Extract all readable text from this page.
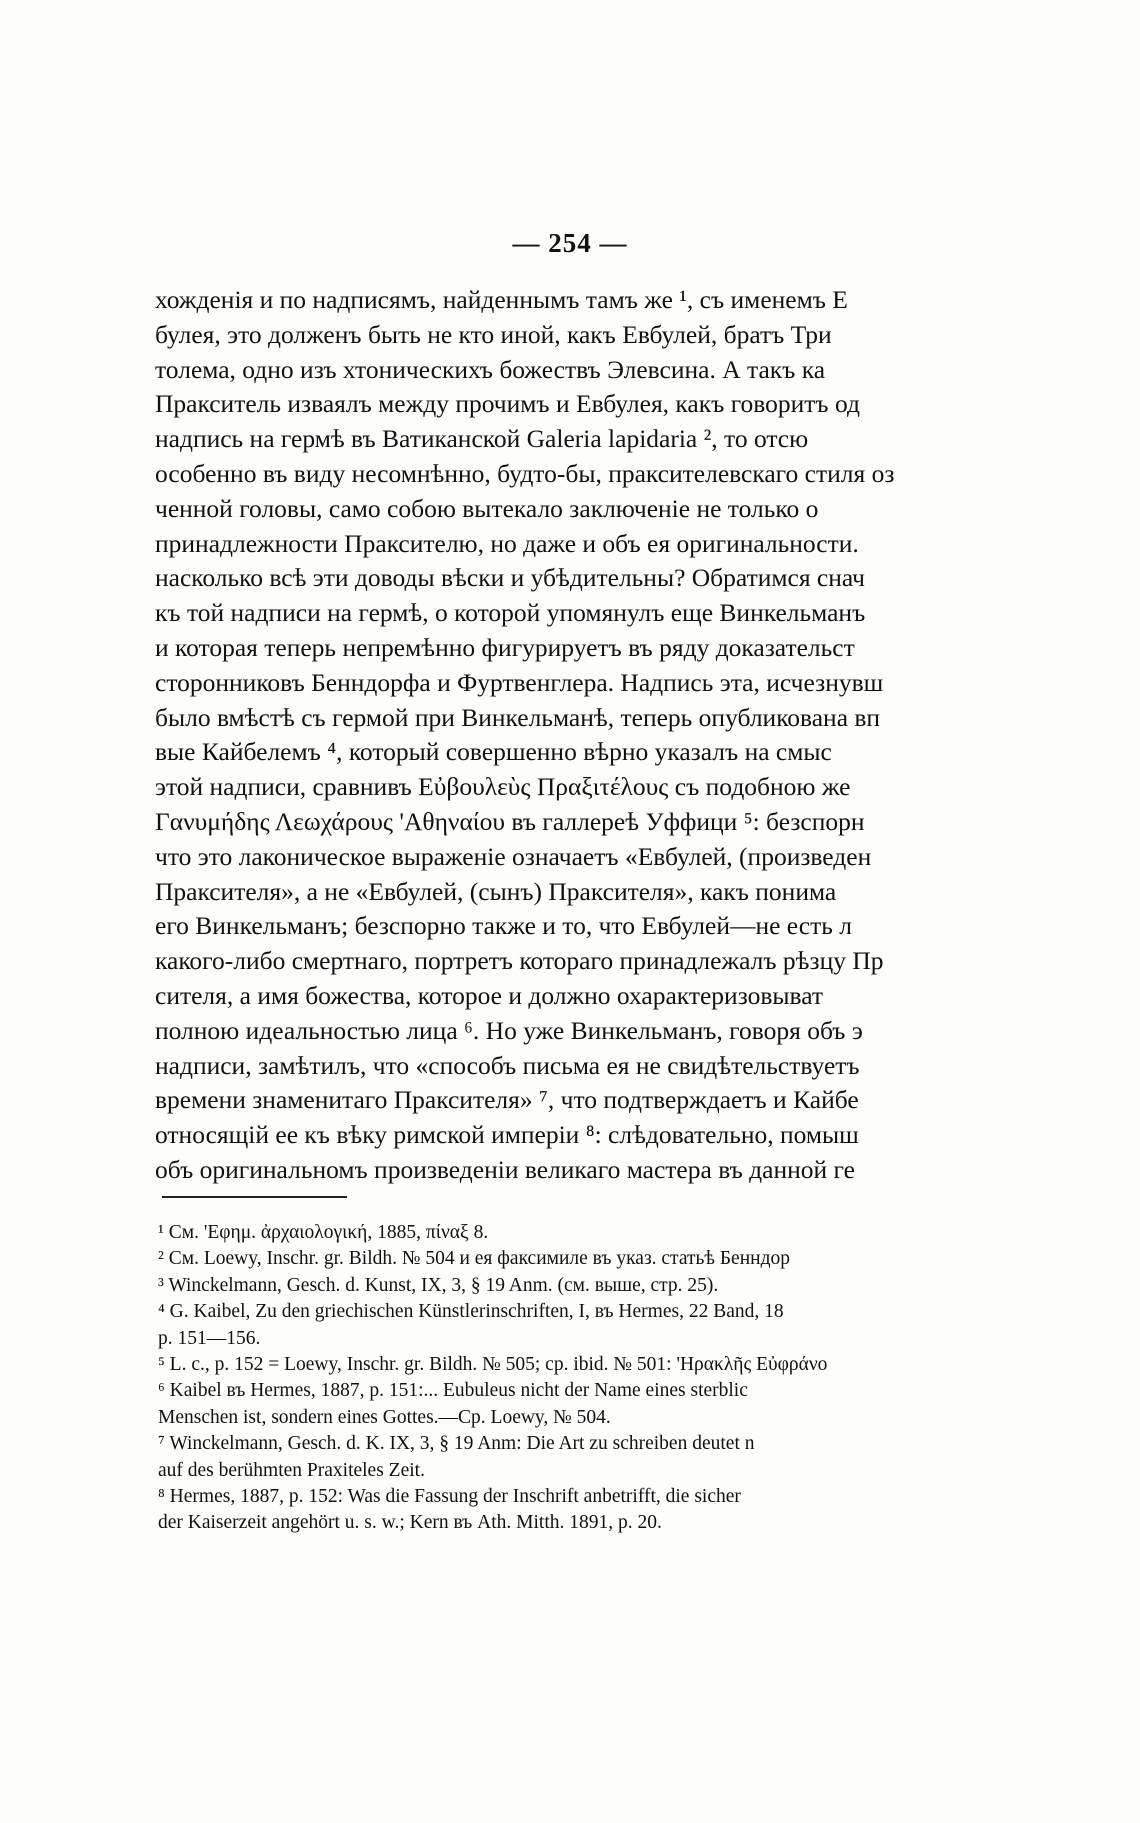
— 254 —
хожденія и по надписямъ, найденнымъ тамъ же ¹, съ именемъ Е
булея, это долженъ быть не кто иной, какъ Евбулей, братъ Три
толема, одно изъ хтоническихъ божествъ Элевсина. А такъ ка
Пракситель изваялъ между прочимъ и Евбулея, какъ говоритъ од
надпись на гермѣ въ Ватиканской Galeria lapidaria ², то отсю
особенно въ виду несомнѣнно, будто-бы, праксителевскаго стиля оз
ченной головы, само собою вытекало заключеніе не только о
принадлежности Праксителю, но даже и объ ея оригинальности.
насколько всѣ эти доводы вѣски и убѣдительны? Обратимся снач
къ той надписи на гермѣ, о которой упомянулъ еще Винкельманъ
и которая теперь непремѣнно фигурируетъ въ ряду доказательст
сторонниковъ Бенндорфа и Фуртвенглера. Надпись эта, исчезнувш
было вмѣстѣ съ гермой при Винкельманѣ, теперь опубликована вп
вые Кайбелемъ ⁴, который совершенно вѣрно указалъ на смыс
этой надписи, сравнивъ Εὐβουλεὺς Πραξιτέλους съ подобною же
Γανυμήδης Λεωχάρους 'Αθηναίου въ галлереѣ Уффици ⁵: безспорн
что это лаконическое выраженіе означаетъ «Евбулей, (произведен
Праксителя», а не «Евбулей, (сынъ) Праксителя», какъ понима
его Винкельманъ; безспорно также и то, что Евбулей—не есть л
какого-либо смертнаго, портретъ котораго принадлежалъ рѣзцу Пр
сителя, а имя божества, которое и должно охарактеризовыват
полною идеальностью лица ⁶. Но уже Винкельманъ, говоря объ э
надписи, замѣтилъ, что «способъ письма ея не свидѣтельствуетъ
времени знаменитаго Праксителя» ⁷, что подтверждаетъ и Кайбе
относящій ее къ вѣку римской имперіи ⁸: слѣдовательно, помыш
объ оригинальномъ произведеніи великаго мастера въ данной ге
¹ См. 'Εφημ. ἀρχαιολογική, 1885, πίναξ 8.
² См. Loewy, Inschr. gr. Bildh. № 504 и ея факсимиле въ указ. статьѣ Бенндор
³ Winckelmann, Gesch. d. Kunst, IX, 3, § 19 Anm. (см. выше, стр. 25).
⁴ G. Kaibel, Zu den griechischen Künstlerinschriften, I, въ Hermes, 22 Band, 18
p. 151—156.
⁵ L. c., p. 152 = Loewy, Inschr. gr. Bildh. № 505; cp. ibid. № 501: 'Ηρακλῆς Εὐφράνο
⁶ Kaibel въ Hermes, 1887, p. 151:... Eubuleus nicht der Name eines sterblic
Menschen ist, sondern eines Gottes.—Cp. Loewy, № 504.
⁷ Winckelmann, Gesch. d. K. IX, 3, § 19 Anm: Die Art zu schreiben deutet n
auf des berühmten Praxiteles Zeit.
⁸ Hermes, 1887, p. 152: Was die Fassung der Inschrift anbetrifft, die sicher
der Kaiserzeit angehört u. s. w.; Kern въ Ath. Mitth. 1891, p. 20.
